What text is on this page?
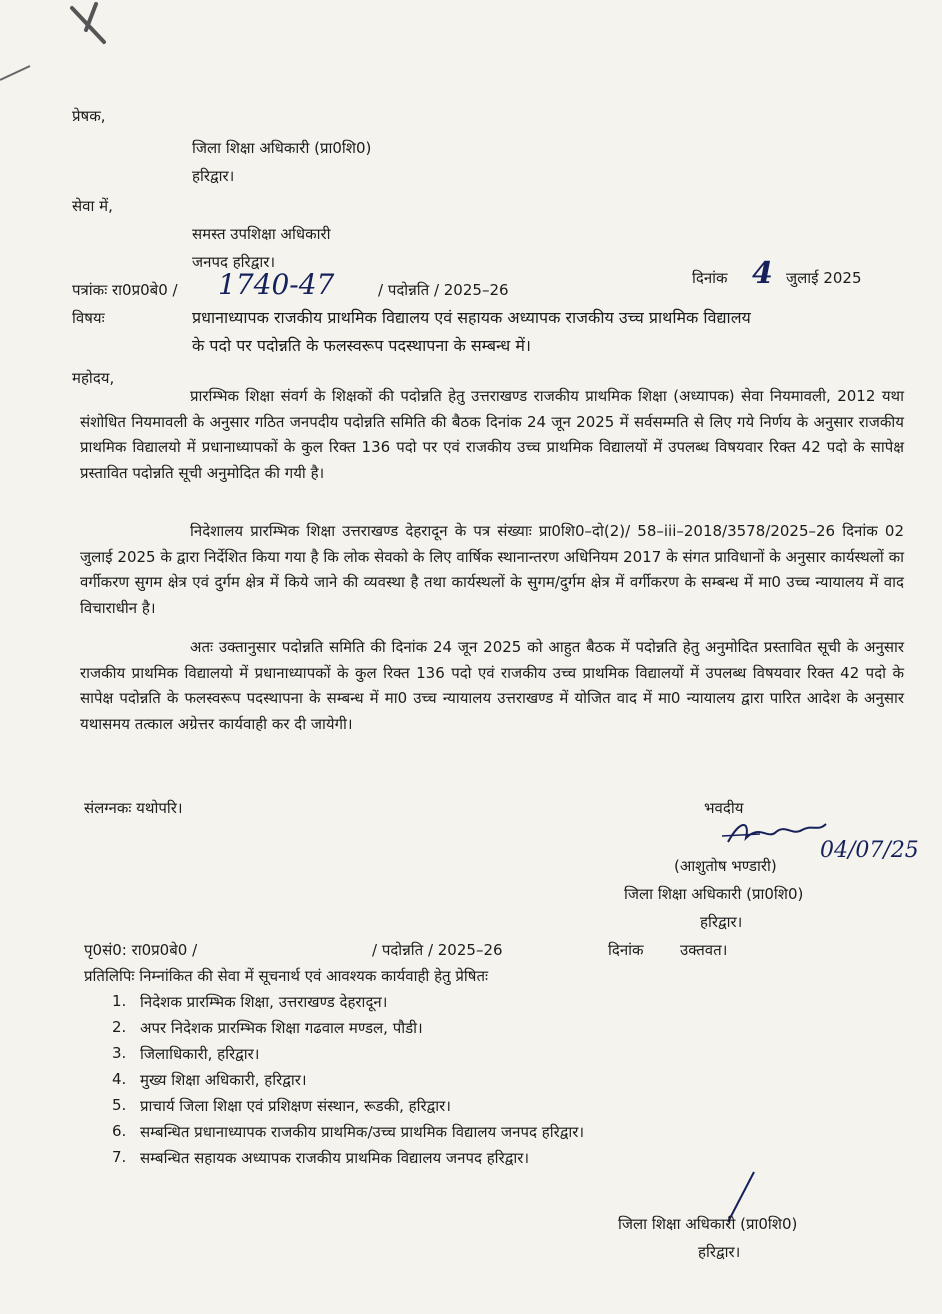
प्रेषक,
जिला शिक्षा अधिकारी (प्रा0शि0)
हरिद्वार।
सेवा में,
समस्त उपशिक्षा अधिकारी
जनपद हरिद्वार।
पत्रांकः रा0प्र0बे0 / 1740-47	/ पदोन्नति / 2025–26
दिनांक 4 जुलाई 2025
विषयः	प्रधानाध्यापक राजकीय प्राथमिक विद्यालय एवं सहायक अध्यापक राजकीय उच्च प्राथमिक विद्यालय
के पदो पर पदोन्नति के फलस्वरूप पदस्थापना के सम्बन्ध में।
महोदय,
प्रारम्भिक शिक्षा संवर्ग के शिक्षकों की पदोन्नति हेतु उत्तराखण्ड राजकीय प्राथमिक शिक्षा (अध्यापक) सेवा नियमावली, 2012 यथा संशोधित नियमावली के अनुसार गठित जनपदीय पदोन्नति समिति की बैठक दिनांक 24 जून 2025 में सर्वसम्मति से लिए गये निर्णय के अनुसार राजकीय प्राथमिक विद्यालयो में प्रधानाध्यापकों के कुल रिक्त 136 पदो पर एवं राजकीय उच्च प्राथमिक विद्यालयों में उपलब्ध विषयवार रिक्त 42 पदो के सापेक्ष प्रस्तावित पदोन्नति सूची अनुमोदित की गयी है।
निदेशालय प्रारम्भिक शिक्षा उत्तराखण्ड देहरादून के पत्र संख्याः प्रा0शि0–दो(2)/ 58–iii–2018/3578/2025–26 दिनांक 02 जुलाई 2025 के द्वारा निर्देशित किया गया है कि लोक सेवको के लिए वार्षिक स्थानान्तरण अधिनियम 2017 के संगत प्राविधानों के अनुसार कार्यस्थलों का वर्गीकरण सुगम क्षेत्र एवं दुर्गम क्षेत्र में किये जाने की व्यवस्था है तथा कार्यस्थलों के सुगम/दुर्गम क्षेत्र में वर्गीकरण के सम्बन्ध में मा0 उच्च न्यायालय में वाद विचाराधीन है।
अतः उक्तानुसार पदोन्नति समिति की दिनांक 24 जून 2025 को आहुत बैठक में पदोन्नति हेतु अनुमोदित प्रस्तावित सूची के अनुसार राजकीय प्राथमिक विद्यालयो में प्रधानाध्यापकों के कुल रिक्त 136 पदो एवं राजकीय उच्च प्राथमिक विद्यालयों में उपलब्ध विषयवार रिक्त 42 पदो के सापेक्ष पदोन्नति के फलस्वरूप पदस्थापना के सम्बन्ध में मा0 उच्च न्यायालय उत्तराखण्ड में योजित वाद में मा0 न्यायालय द्वारा पारित आदेश के अनुसार यथासमय तत्काल अग्रेत्तर कार्यवाही कर दी जायेगी।
संलग्नकः यथोपरि।	भवदीय
04/07/25
(आशुतोष भण्डारी)
जिला शिक्षा अधिकारी (प्रा0शि0)
हरिद्वार।
पृ0सं0: रा0प्र0बे0 /	/ पदोन्नति / 2025–26	दिनांक उक्तवत।
प्रतिलिपिः निम्नांकित की सेवा में सूचनार्थ एवं आवश्यक कार्यवाही हेतु प्रेषितः
1. निदेशक प्रारम्भिक शिक्षा, उत्तराखण्ड देहरादून।
2. अपर निदेशक प्रारम्भिक शिक्षा गढवाल मण्डल, पौडी।
3. जिलाधिकारी, हरिद्वार।
4. मुख्य शिक्षा अधिकारी, हरिद्वार।
5. प्राचार्य जिला शिक्षा एवं प्रशिक्षण संस्थान, रूडकी, हरिद्वार।
6. सम्बन्धित प्रधानाध्यापक राजकीय प्राथमिक/उच्च प्राथमिक विद्यालय जनपद हरिद्वार।
7. सम्बन्धित सहायक अध्यापक राजकीय प्राथमिक विद्यालय जनपद हरिद्वार।
जिला शिक्षा अधिकारी (प्रा0शि0)
हरिद्वार।
